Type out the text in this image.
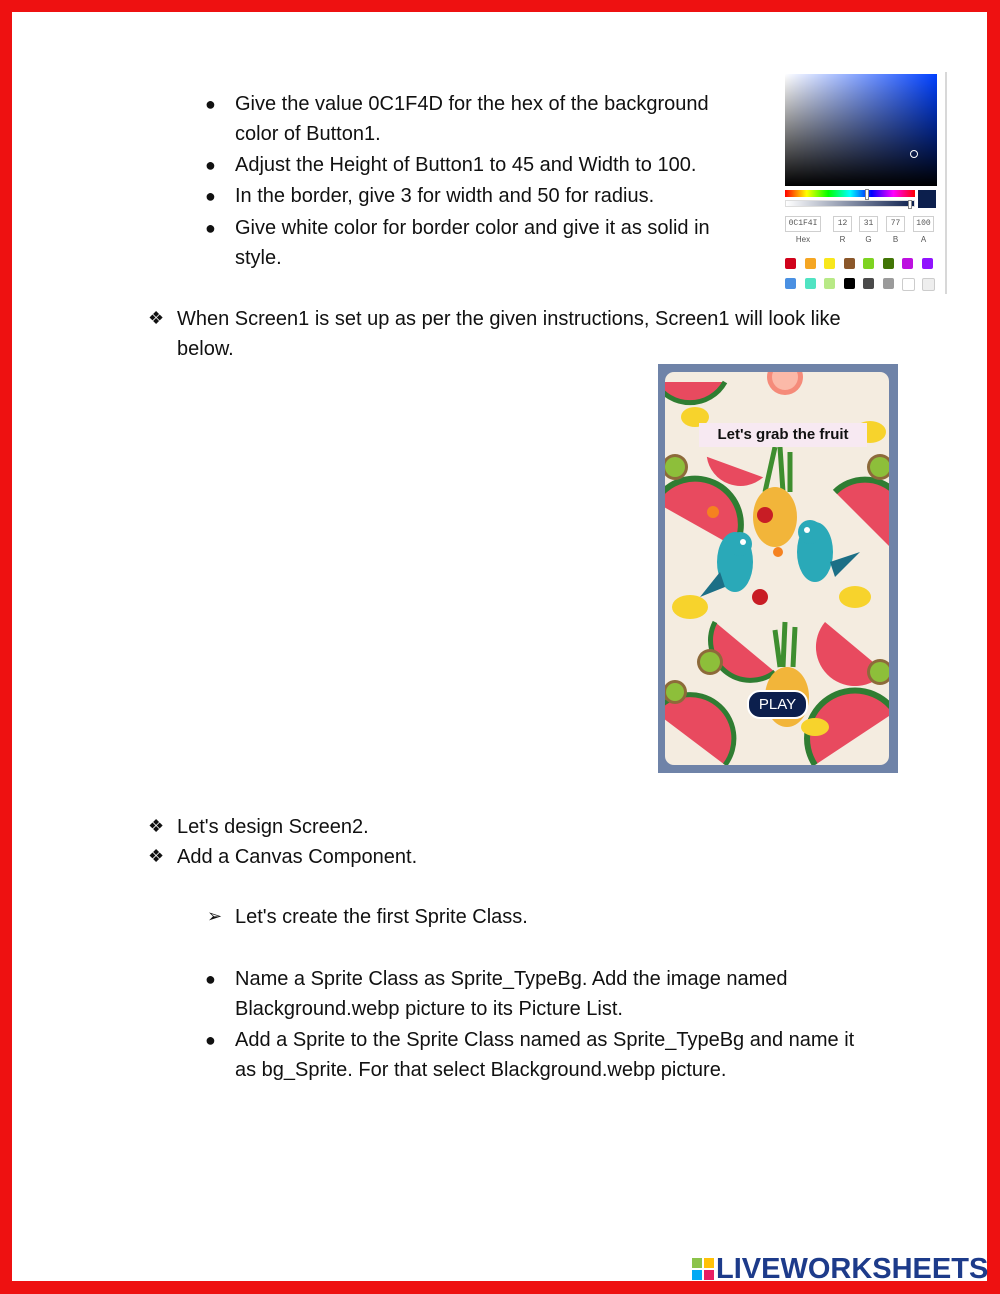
● Give the value 0C1F4D for the hex of the background
color of Button1.
● Adjust the Height of Button1 to 45 and Width to 100.
● In the border, give 3 for width and 50 for radius.
● Give white color for border color and give it as solid in
style.
0C1F4I	12	31	77	100
Hex	R	G	B	A
❖ When Screen1 is set up as per the given instructions, Screen1 will look like
below.
Let's grab the fruit
PLAY
❖ Let's design Screen2.
❖ Add a Canvas Component.
➢ Let's create the first Sprite Class.
● Name a Sprite Class as Sprite_TypeBg. Add the image named
Blackground.webp picture to its Picture List.
● Add a Sprite to the Sprite Class named as Sprite_TypeBg and name it
as bg_Sprite. For that select Blackground.webp picture.
LIVEWORKSHEETS
